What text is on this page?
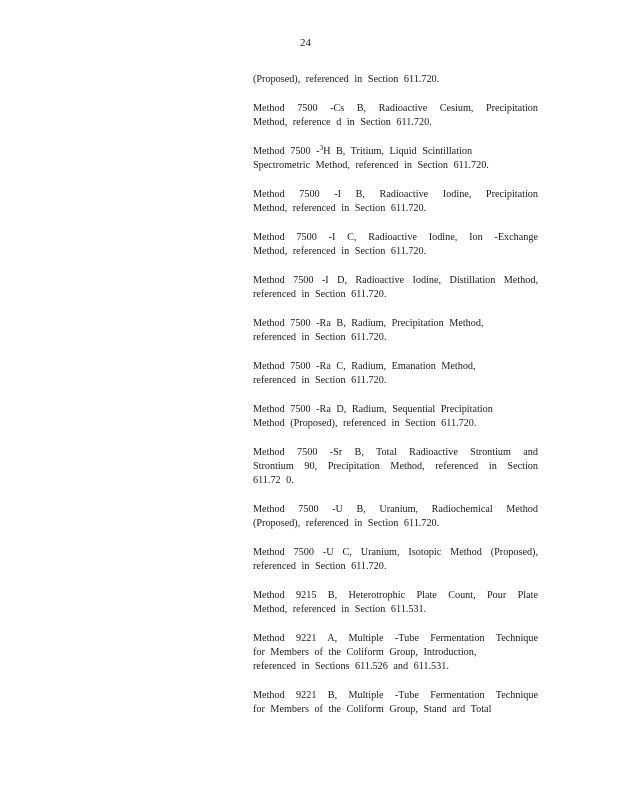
24

(Proposed), referenced in Section 611.720.

Method 7500 -Cs B, Radioactive Cesium, Precipitation
Method, reference d in Section 611.720.

Method 7500 -$^3$H B, Tritium, Liquid Scintillation
Spectrometric Method, referenced in Section 611.720.

Method 7500 -I B, Radioactive Iodine, Precipitation
Method, referenced in Section 611.720.

Method 7500 -I C, Radioactive Iodine, Ion -Exchange
Method, referenced in Section 611.720.

Method 7500 -I D, Radioactive Iodine, Distillation Method,
referenced in Section 611.720.

Method 7500 -Ra B, Radium, Precipitation Method,
referenced in Section 611.720.

Method 7500 -Ra C, Radium, Emanation Method,
referenced in Section 611.720.

Method 7500 -Ra D, Radium, Sequential Precipitation
Method (Proposed), referenced in Section 611.720.

Method 7500 -Sr B, Total Radioactive Strontium and
Strontium 90, Precipitation Method, referenced in Section
611.72 0.

Method 7500 -U B, Uranium, Radiochemical Method
(Proposed), referenced in Section 611.720.

Method 7500 -U C, Uranium, Isotopic Method (Proposed),
referenced in Section 611.720.

Method 9215 B, Heterotrophic Plate Count, Pour Plate
Method, referenced in Section 611.531.

Method 9221 A, Multiple -Tube Fermentation Technique
for Members of the Coliform Group, Introduction,
referenced in Sections 611.526 and 611.531.

Method 9221 B, Multiple -Tube Fermentation Technique
for Members of the Coliform Group, Stand ard Total
